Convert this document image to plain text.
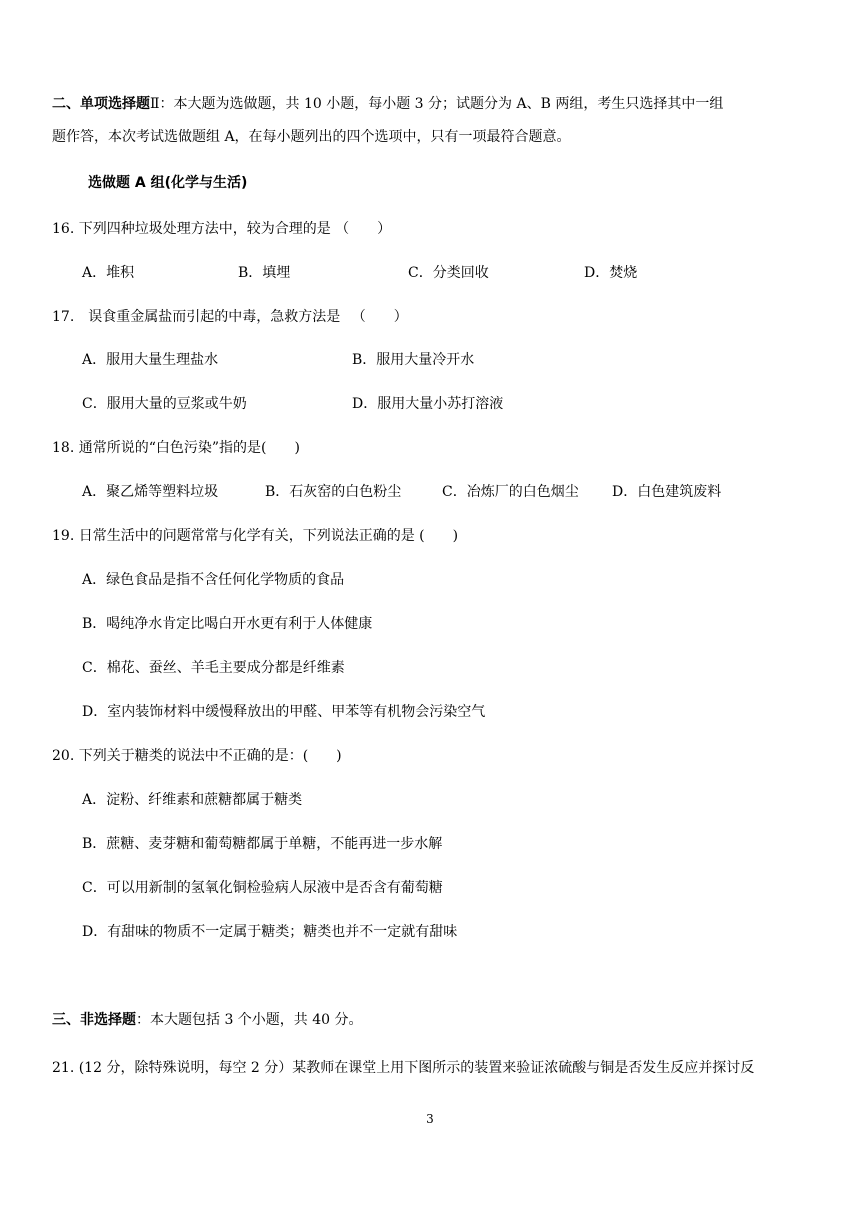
二、单项选择题Ⅱ：本大题为选做题，共 10 小题，每小题 3 分；试题分为 A、B 两组，考生只选择其中一组
题作答，本次考试选做题组 A，在每小题列出的四个选项中，只有一项最符合题意。
选做题 A 组(化学与生活)
16. 下列四种垃圾处理方法中，较为合理的是 （　　）
A．堆积	B．填埋	C．分类回收	D．焚烧
17.　误食重金属盐而引起的中毒，急救方法是 　（　　）
A．服用大量生理盐水	B．服用大量冷开水
C．服用大量的豆浆或牛奶	D．服用大量小苏打溶液
18. 通常所说的“白色污染”指的是(　　)
A．聚乙烯等塑料垃圾	B．石灰窑的白色粉尘	C．冶炼厂的白色烟尘 D．白色建筑废料
19. 日常生活中的问题常常与化学有关，下列说法正确的是 (　　)
A．绿色食品是指不含任何化学物质的食品
B．喝纯净水肯定比喝白开水更有利于人体健康
C．棉花、蚕丝、羊毛主要成分都是纤维素
D．室内装饰材料中缓慢释放出的甲醛、甲苯等有机物会污染空气
20. 下列关于糖类的说法中不正确的是：(　　)
A．淀粉、纤维素和蔗糖都属于糖类
B．蔗糖、麦芽糖和葡萄糖都属于单糖，不能再进一步水解
C．可以用新制的氢氧化铜检验病人尿液中是否含有葡萄糖
D．有甜味的物质不一定属于糖类；糖类也并不一定就有甜味
三、非选择题：本大题包括 3 个小题，共 40 分。
21. (12 分，除特殊说明，每空 2 分）某教师在课堂上用下图所示的装置来验证浓硫酸与铜是否发生反应并探讨反
3
